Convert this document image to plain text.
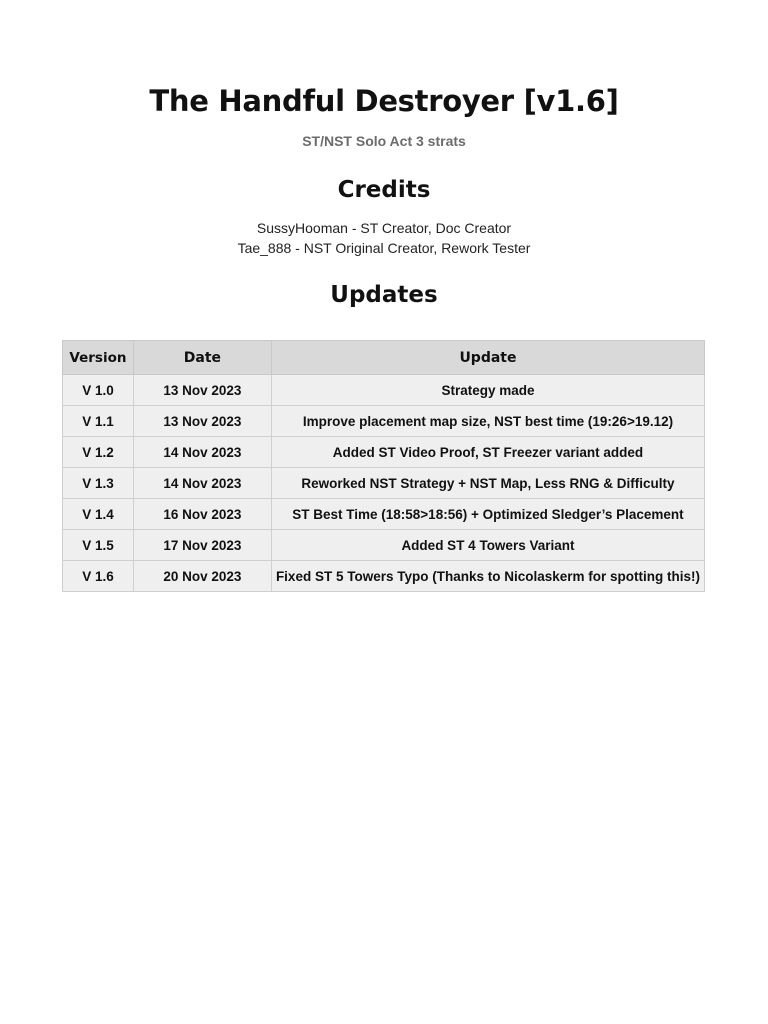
The Handful Destroyer [v1.6]
ST/NST Solo Act 3 strats
Credits
SussyHooman - ST Creator, Doc Creator
Tae_888 - NST Original Creator, Rework Tester
Updates
Version	Date	Update
V 1.0	13 Nov 2023	Strategy made
V 1.1	13 Nov 2023	Improve placement map size, NST best time (19:26>19.12)
V 1.2	14 Nov 2023	Added ST Video Proof, ST Freezer variant added
V 1.3	14 Nov 2023	Reworked NST Strategy + NST Map, Less RNG & Difficulty
V 1.4	16 Nov 2023	ST Best Time (18:58>18:56) + Optimized Sledger’s Placement
V 1.5	17 Nov 2023	Added ST 4 Towers Variant
V 1.6	20 Nov 2023	Fixed ST 5 Towers Typo (Thanks to Nicolaskerm for spotting this!)
